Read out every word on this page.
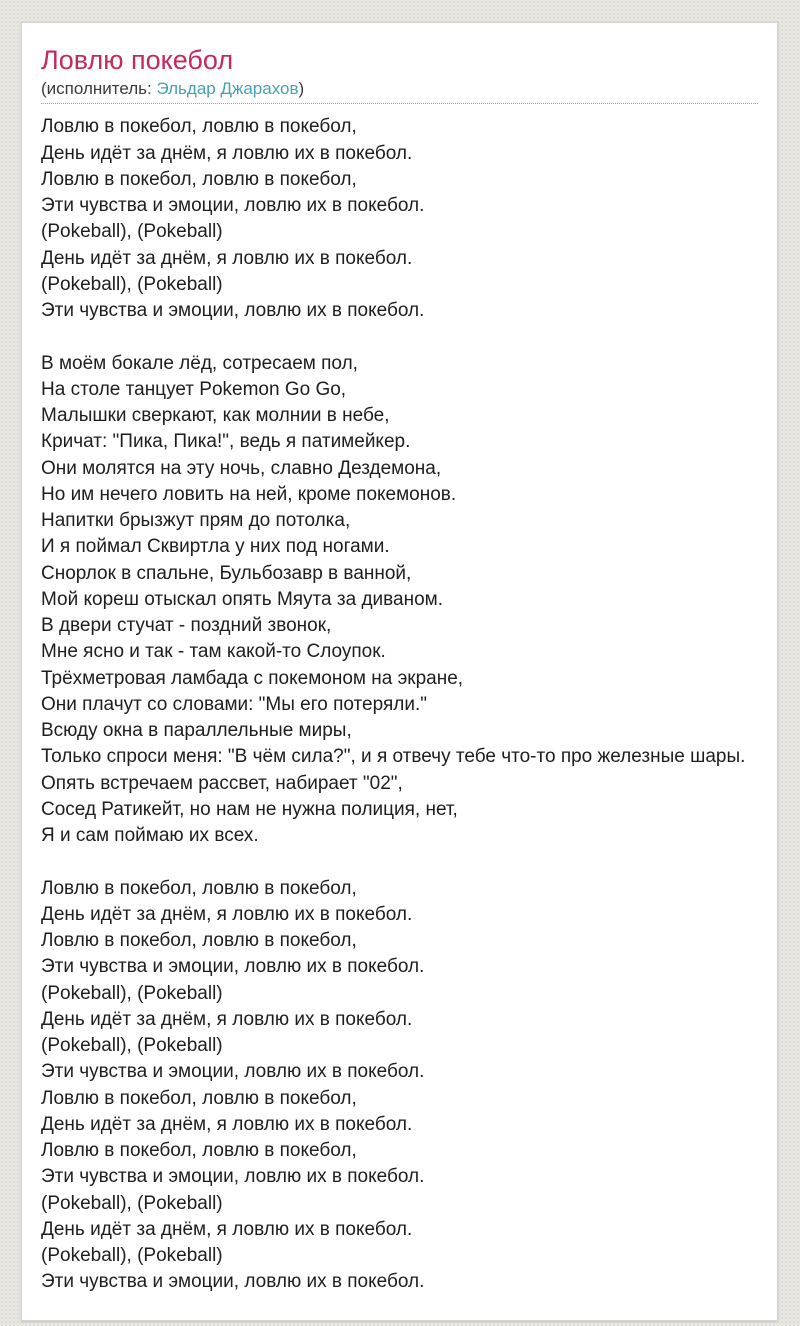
Ловлю покебол
(исполнитель: Эльдар Джарахов)
Ловлю в покебол, ловлю в покебол,
День идёт за днём, я ловлю их в покебол.
Ловлю в покебол, ловлю в покебол,
Эти чувства и эмоции, ловлю их в покебол.
(Pokeball), (Pokeball)
День идёт за днём, я ловлю их в покебол.
(Pokeball), (Pokeball)
Эти чувства и эмоции, ловлю их в покебол.
В моём бокале лёд, сотресаем пол,
На столе танцует Pokemon Go Go,
Малышки сверкают, как молнии в небе,
Кричат: "Пика, Пика!", ведь я патимейкер.
Они молятся на эту ночь, славно Дездемона,
Но им нечего ловить на ней, кроме покемонов.
Напитки брызжут прям до потолка,
И я поймал Сквиртла у них под ногами.
Снорлок в спальне, Бульбозавр в ванной,
Мой кореш отыскал опять Мяута за диваном.
В двери стучат - поздний звонок,
Мне ясно и так - там какой-то Слоупок.
Трёхметровая ламбада с покемоном на экране,
Они плачут со словами: "Мы его потеряли."
Всюду окна в параллельные миры,
Только спроси меня: "В чём сила?", и я отвечу тебе что-то про железные шары.
Опять встречаем рассвет, набирает "02",
Сосед Ратикейт, но нам не нужна полиция, нет,
Я и сам поймаю их всех.
Ловлю в покебол, ловлю в покебол,
День идёт за днём, я ловлю их в покебол.
Ловлю в покебол, ловлю в покебол,
Эти чувства и эмоции, ловлю их в покебол.
(Pokeball), (Pokeball)
День идёт за днём, я ловлю их в покебол.
(Pokeball), (Pokeball)
Эти чувства и эмоции, ловлю их в покебол.
Ловлю в покебол, ловлю в покебол,
День идёт за днём, я ловлю их в покебол.
Ловлю в покебол, ловлю в покебол,
Эти чувства и эмоции, ловлю их в покебол.
(Pokeball), (Pokeball)
День идёт за днём, я ловлю их в покебол.
(Pokeball), (Pokeball)
Эти чувства и эмоции, ловлю их в покебол.
